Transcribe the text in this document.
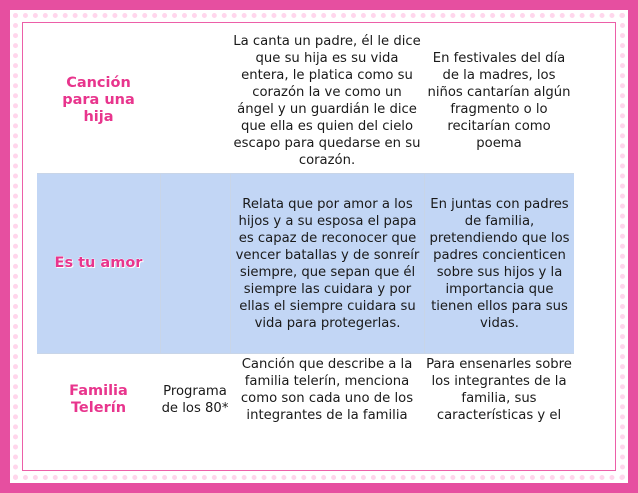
Canción para una hija
La canta un padre, él le dice que su hija es su vida entera, le platica como su corazón la ve como un ángel y un guardián le dice que ella es quien del cielo escapo para quedarse en su corazón.
En festivales del día de la madres, los niños cantarían algún fragmento o lo recitarían como poema
Es tu amor
Relata que por amor a los hijos y a su esposa el papa es capaz de reconocer que vencer batallas y de sonreír siempre, que sepan que él siempre las cuidara y por ellas el siempre cuidara su vida para protegerlas.
En juntas con padres de familia, pretendiendo que los padres concienticen sobre sus hijos y la importancia que tienen ellos para sus vidas.
Familia Telerín
Programa de los 80*
Canción que describe a la familia telerín, menciona como son cada uno de los integrantes de la familia
Para ensenarles sobre los integrantes de la familia, sus características y el
